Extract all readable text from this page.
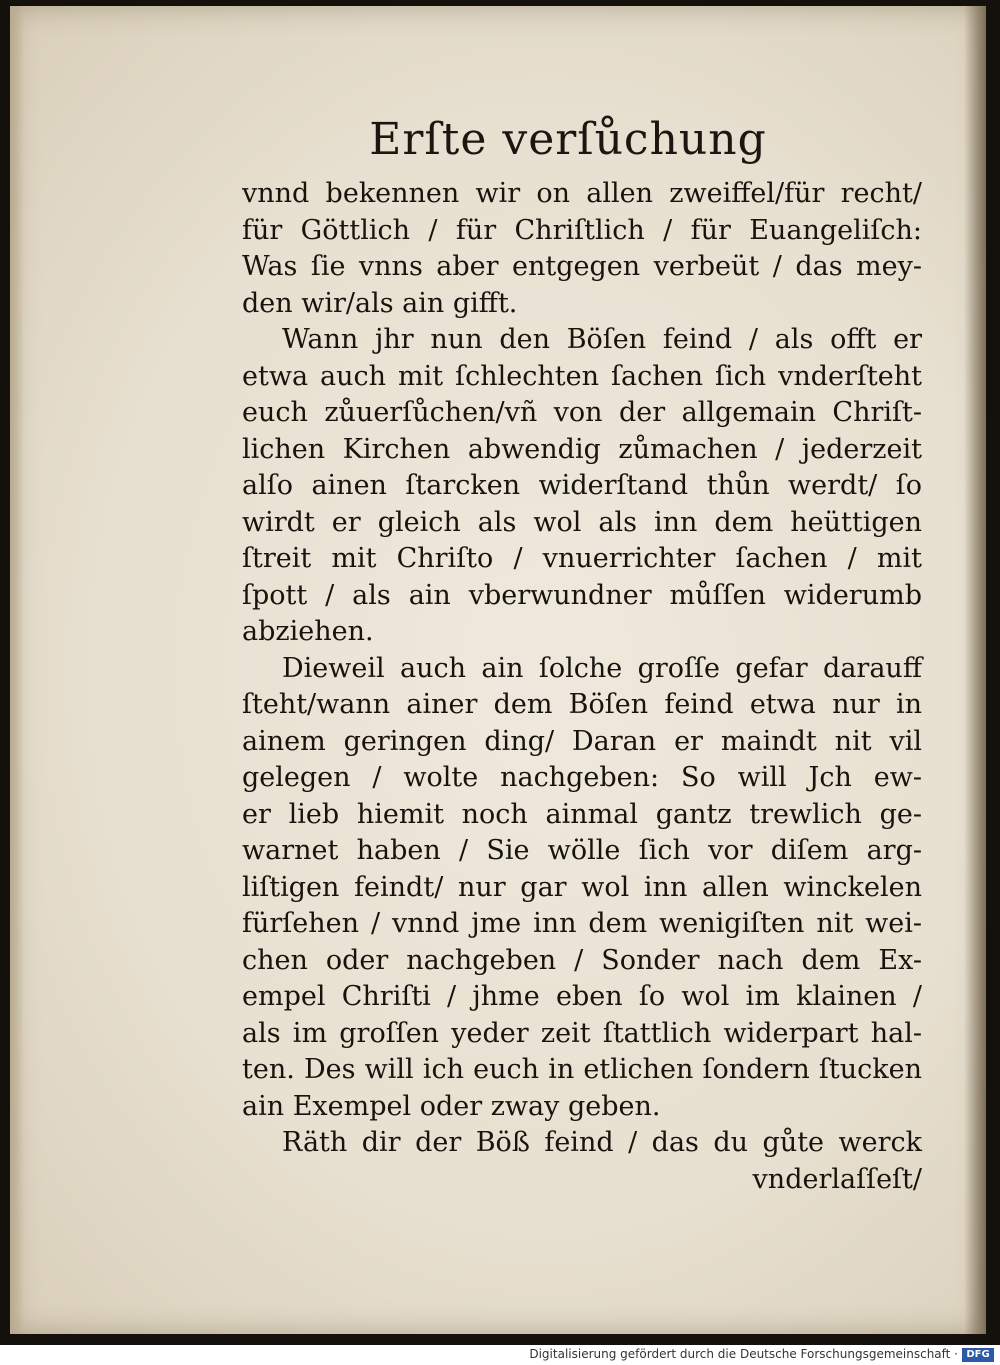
Erſte verſůchung
vnnd bekennen wir on allen zweiffel/für recht/
für Göttlich / für Chriſtlich / für Euangeliſch:
Was ſie vnns aber entgegen verbeüt / das mey-
den wir/als ain gifft.
Wann jhr nun den Böſen feind / als offt er
etwa auch mit ſchlechten ſachen ſich vnderſteht
euch zůuerſůchen/vñ von der allgemain Chriſt-
lichen Kirchen abwendig zůmachen / jederzeit
alſo ainen ſtarcken widerſtand thůn werdt/ ſo
wirdt er gleich als wol als inn dem heüttigen
ſtreit mit Chriſto / vnuerrichter ſachen / mit
ſpott / als ain vberwundner můſſen widerumb
abziehen.
Dieweil auch ain ſolche groſſe gefar darauff
ſteht/wann ainer dem Böſen feind etwa nur in
ainem geringen ding/ Daran er maindt nit vil
gelegen / wolte nachgeben: So will Jch ew-
er lieb hiemit noch ainmal gantz trewlich ge-
warnet haben / Sie wölle ſich vor diſem arg-
liſtigen feindt/ nur gar wol inn allen winckelen
fürſehen / vnnd jme inn dem wenigiſten nit wei-
chen oder nachgeben / Sonder nach dem Ex-
empel Chriſti / jhme eben ſo wol im klainen /
als im groſſen yeder zeit ſtattlich widerpart hal-
ten. Des will ich euch in etlichen ſondern ſtucken
ain Exempel oder zway geben.
Räth dir der Böß feind / das du gůte werck
vnderlaſſeſt/
Digitalisierung gefördert durch die Deutsche Forschungsgemeinschaft · DFG
